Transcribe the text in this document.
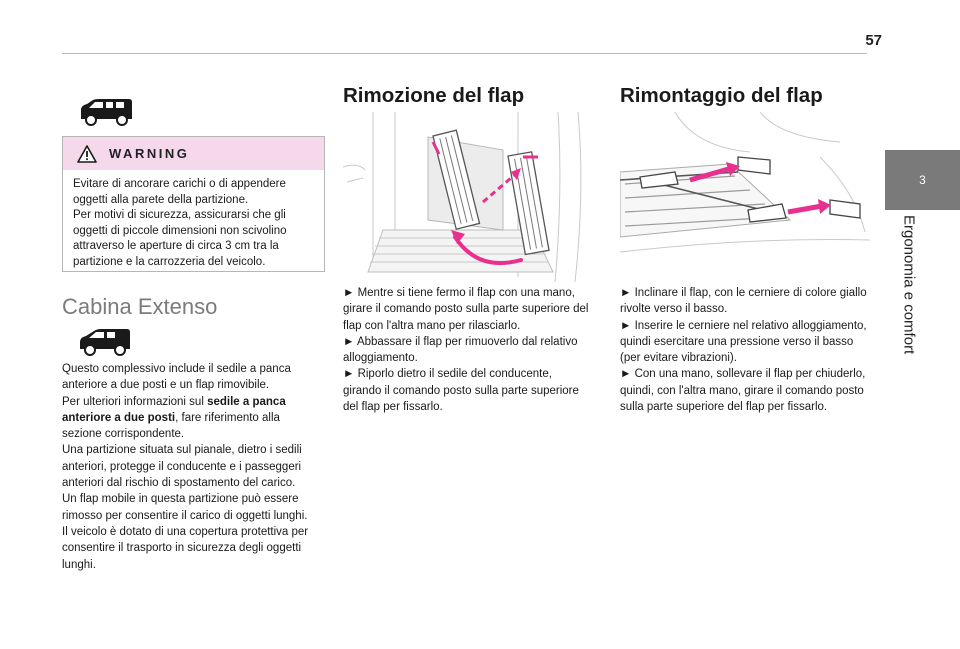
57
3
Ergonomia e comfort
WARNING
Evitare di ancorare carichi o di appendere
oggetti alla parete della partizione.
Per motivi di sicurezza, assicurarsi che gli
oggetti di piccole dimensioni non scivolino
attraverso le aperture di circa 3 cm tra la
partizione e la carrozzeria del veicolo.
Cabina Extenso

Questo complessivo include il sedile a panca

anteriore a due posti e un flap rimovibile.

Per ulteriori informazioni sul sedile a panca

anteriore a due posti, fare riferimento alla

sezione corrispondente.

Una partizione situata sul pianale, dietro i sedili

anteriori, protegge il conducente e i passeggeri

anteriori dal rischio di spostamento del carico.

Un flap mobile in questa partizione può essere

rimosso per consentire il carico di oggetti lunghi.

Il veicolo è dotato di una copertura protettiva per

consentire il trasporto in sicurezza degli oggetti

lunghi.

Rimozione del flap

► Mentre si tiene fermo il flap con una mano,

girare il comando posto sulla parte superiore del

flap con l'altra mano per rilasciarlo.

► Abbassare il flap per rimuoverlo dal relativo

alloggiamento.

► Riporlo dietro il sedile del conducente,

girando il comando posto sulla parte superiore

del flap per fissarlo.

Rimontaggio del flap

► Inclinare il flap, con le cerniere di colore giallo

rivolte verso il basso.

► Inserire le cerniere nel relativo alloggiamento,

quindi esercitare una pressione verso il basso

(per evitare vibrazioni).

► Con una mano, sollevare il flap per chiuderlo,

quindi, con l'altra mano, girare il comando posto

sulla parte superiore del flap per fissarlo.
